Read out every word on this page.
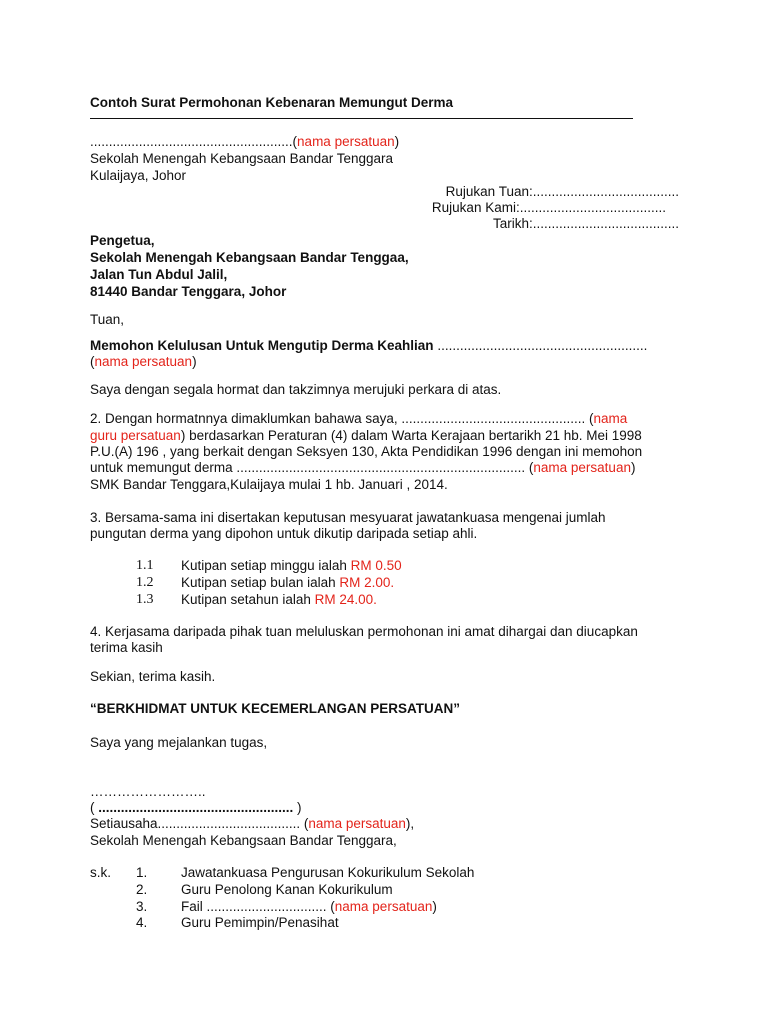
Contoh Surat Permohonan Kebenaran Memungut Derma
......................................................(nama persatuan)
Sekolah Menengah Kebangsaan Bandar Tenggara
Kulaijaya, Johor
Rujukan Tuan:.......................................
Rujukan Kami:.......................................
Tarikh:.......................................
Pengetua,
Sekolah Menengah Kebangsaan Bandar Tenggaa,
Jalan Tun Abdul Jalil,
81440 Bandar Tenggara, Johor
Tuan,
Memohon Kelulusan Untuk Mengutip Derma Keahlian ........................................................
(nama persatuan)
Saya dengan segala hormat dan takzimnya merujuki perkara di atas.
2. Dengan hormatnnya dimaklumkan bahawa saya, ................................................. (nama
guru persatuan) berdasarkan Peraturan (4) dalam Warta Kerajaan bertarikh 21 hb. Mei 1998
P.U.(A) 196 , yang berkait dengan Seksyen 130, Akta Pendidikan 1996 dengan ini memohon
untuk memungut derma ............................................................................. (nama persatuan)
SMK Bandar Tenggara,Kulaijaya mulai 1 hb. Januari , 2014.
3. Bersama-sama ini disertakan keputusan mesyuarat jawatankuasa mengenai jumlah
pungutan derma yang dipohon untuk dikutip daripada setiap ahli.
1.1 Kutipan setiap minggu ialah RM 0.50
1.2 Kutipan setiap bulan ialah RM 2.00.
1.3 Kutipan setahun ialah RM 24.00.
4. Kerjasama daripada pihak tuan meluluskan permohonan ini amat dihargai dan diucapkan
terima kasih
Sekian, terima kasih.
“BERKHIDMAT UNTUK KECEMERLANGAN PERSATUAN”
Saya yang mejalankan tugas,
……………………..
( .................................................... )
Setiausaha...................................... (nama persatuan),
Sekolah Menengah Kebangsaan Bandar Tenggara,
s.k. 1. Jawatankuasa Pengurusan Kokurikulum Sekolah
2. Guru Penolong Kanan Kokurikulum
3. Fail ................................ (nama persatuan)
4. Guru Pemimpin/Penasihat
